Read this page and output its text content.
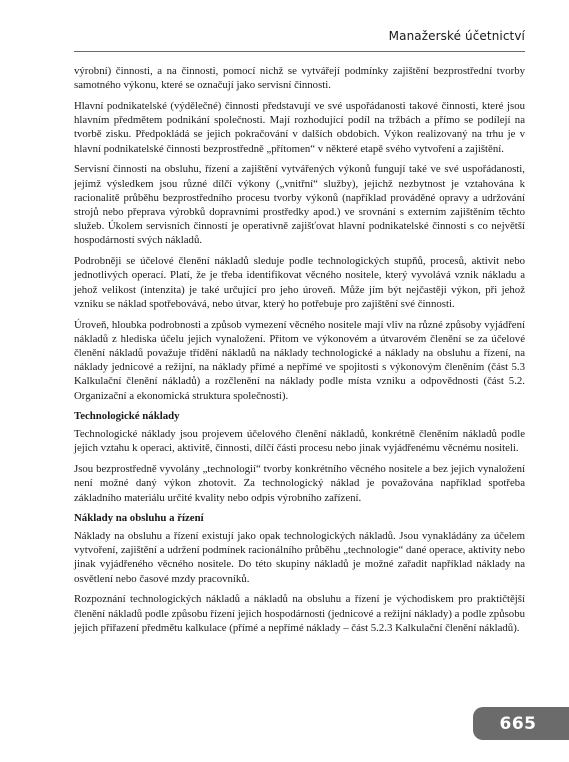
Manažerské účetnictví

výrobní) činnosti, a na činnosti, pomocí nichž se vytvářejí podmínky zajištění bezprostřední tvorby samotného výkonu, které se označují jako servisní činnosti.

Hlavní podnikatelské (výdělečné) činnosti představují ve své uspořádanosti takové činnosti, které jsou hlavním předmětem podnikání společnosti. Mají rozhodující podíl na tržbách a přímo se podílejí na tvorbě zisku. Předpokládá se jejich pokračování v dalších obdobích. Výkon realizovaný na trhu je v hlavní podnikatelské činnosti bezprostředně „přítomen“ v některé etapě svého vytvoření a zajištění.

Servisní činnosti na obsluhu, řízení a zajištění vytvářených výkonů fungují také ve své uspořádanosti, jejímž výsledkem jsou různé dílčí výkony („vnitřní“ služby), jejichž nezbytnost je vztahována k racionalitě průběhu bezprostředního procesu tvorby výkonů (například prováděné opravy a udržování strojů nebo přeprava výrobků dopravními prostředky apod.) ve srovnání s externím zajištěním těchto služeb. Úkolem servisních činností je operativně zajišťovat hlavní podnikatelské činnosti s co největší hospodárností svých nákladů.

Podrobněji se účelové členění nákladů sleduje podle technologických stupňů, procesů, aktivit nebo jednotlivých operací. Platí, že je třeba identifikovat věcného nositele, který vyvolává vznik nákladu a jehož velikost (intenzita) je také určující pro jeho úroveň. Může jím být nejčastěji výkon, při jehož vzniku se náklad spotřebovává, nebo útvar, který ho potřebuje pro zajištění své činnosti.

Úroveň, hloubka podrobnosti a způsob vymezení věcného nositele mají vliv na různé způsoby vyjádření nákladů z hlediska účelu jejich vynaložení. Přitom ve výkonovém a útvarovém členění se za účelové členění nákladů považuje třídění nákladů na náklady technologické a náklady na obsluhu a řízení, na náklady jednicové a režijní, na náklady přímé a nepřímé ve spojitosti s výkonovým členěním (část 5.3 Kalkulační členění nákladů) a rozčlenění na náklady podle místa vzniku a odpovědnosti (část 5.2. Organizační a ekonomická struktura společnosti).

Technologické náklady

Technologické náklady jsou projevem účelového členění nákladů, konkrétně členěním nákladů podle jejich vztahu k operaci, aktivitě, činnosti, dílčí části procesu nebo jinak vyjádřenému věcnému nositeli.

Jsou bezprostředně vyvolány „technologií“ tvorby konkrétního věcného nositele a bez jejich vynaložení není možné daný výkon zhotovit. Za technologický náklad je považována například spotřeba základního materiálu určité kvality nebo odpis výrobního zařízení.

Náklady na obsluhu a řízení

Náklady na obsluhu a řízení existují jako opak technologických nákladů. Jsou vynakládány za účelem vytvoření, zajištění a udržení podmínek racionálního průběhu „technologie“ dané operace, aktivity nebo jinak vyjádřeného věcného nositele. Do této skupiny nákladů je možné zařadit například náklady na osvětlení nebo časové mzdy pracovníků.

Rozpoznání technologických nákladů a nákladů na obsluhu a řízení je východiskem pro praktičtější členění nákladů podle způsobu řízení jejich hospodárnosti (jednicové a režijní náklady) a podle způsobu jejich přiřazení předmětu kalkulace (přímé a nepřímé náklady – část 5.2.3 Kalkulační členění nákladů).

665
